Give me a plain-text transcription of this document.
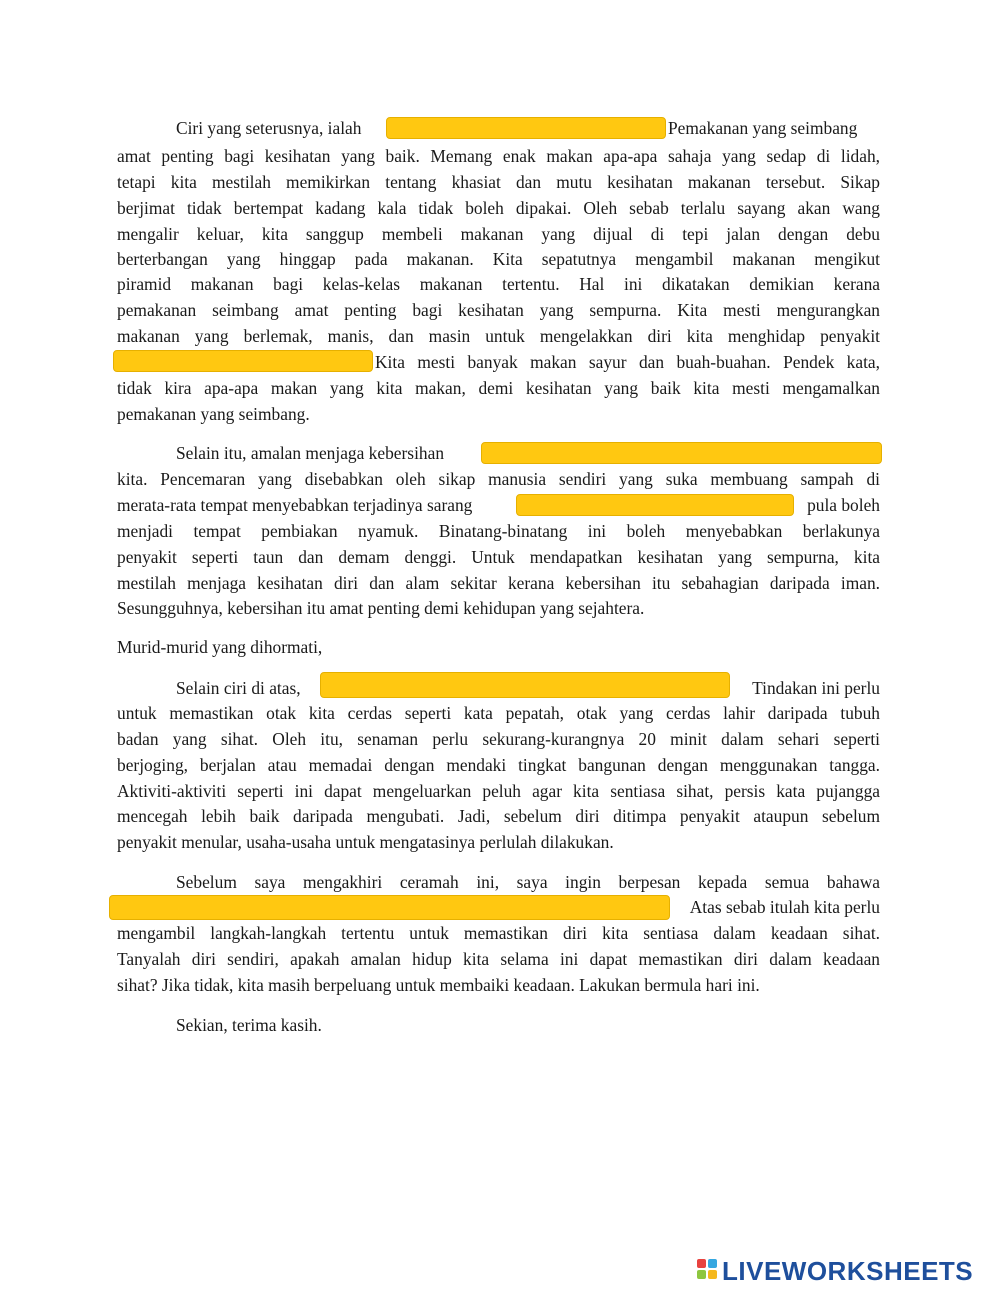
Ciri yang seterusnya, ialah	Pemakanan yang seimbang
amat penting bagi kesihatan yang baik. Memang enak makan apa-apa sahaja yang sedap di lidah,
tetapi kita mestilah memikirkan tentang khasiat dan mutu kesihatan makanan tersebut. Sikap
berjimat tidak bertempat kadang kala tidak boleh dipakai. Oleh sebab terlalu sayang akan wang
mengalir keluar, kita sanggup membeli makanan yang dijual di tepi jalan dengan debu
berterbangan yang hinggap pada makanan. Kita sepatutnya mengambil makanan mengikut
piramid makanan bagi kelas-kelas makanan tertentu. Hal ini dikatakan demikian kerana
pemakanan seimbang amat penting bagi kesihatan yang sempurna. Kita mesti mengurangkan
makanan yang berlemak, manis, dan masin untuk mengelakkan diri kita menghidap penyakit
Kita mesti banyak makan sayur dan buah-buahan. Pendek kata,
tidak kira apa-apa makan yang kita makan, demi kesihatan yang baik kita mesti mengamalkan
pemakanan yang seimbang.
Selain itu, amalan menjaga kebersihan
kita. Pencemaran yang disebabkan oleh sikap manusia sendiri yang suka membuang sampah di
merata-rata tempat menyebabkan terjadinya sarang	pula boleh
menjadi tempat pembiakan nyamuk. Binatang-binatang ini boleh menyebabkan berlakunya
penyakit seperti taun dan demam denggi. Untuk mendapatkan kesihatan yang sempurna, kita
mestilah menjaga kesihatan diri dan alam sekitar kerana kebersihan itu sebahagian daripada iman.
Sesungguhnya, kebersihan itu amat penting demi kehidupan yang sejahtera.
Murid-murid yang dihormati,
Selain ciri di atas,	Tindakan ini perlu
untuk memastikan otak kita cerdas seperti kata pepatah, otak yang cerdas lahir daripada tubuh
badan yang sihat. Oleh itu, senaman perlu sekurang-kurangnya 20 minit dalam sehari seperti
berjoging, berjalan atau memadai dengan mendaki tingkat bangunan dengan menggunakan tangga.
Aktiviti-aktiviti seperti ini dapat mengeluarkan peluh agar kita sentiasa sihat, persis kata pujangga
mencegah lebih baik daripada mengubati. Jadi, sebelum diri ditimpa penyakit ataupun sebelum
penyakit menular, usaha-usaha untuk mengatasinya perlulah dilakukan.
Sebelum saya mengakhiri ceramah ini, saya ingin berpesan kepada semua bahawa
Atas sebab itulah kita perlu
mengambil langkah-langkah tertentu untuk memastikan diri kita sentiasa dalam keadaan sihat.
Tanyalah diri sendiri, apakah amalan hidup kita selama ini dapat memastikan diri dalam keadaan
sihat? Jika tidak, kita masih berpeluang untuk membaiki keadaan. Lakukan bermula hari ini.
Sekian, terima kasih.
LIVEWORKSHEETS
